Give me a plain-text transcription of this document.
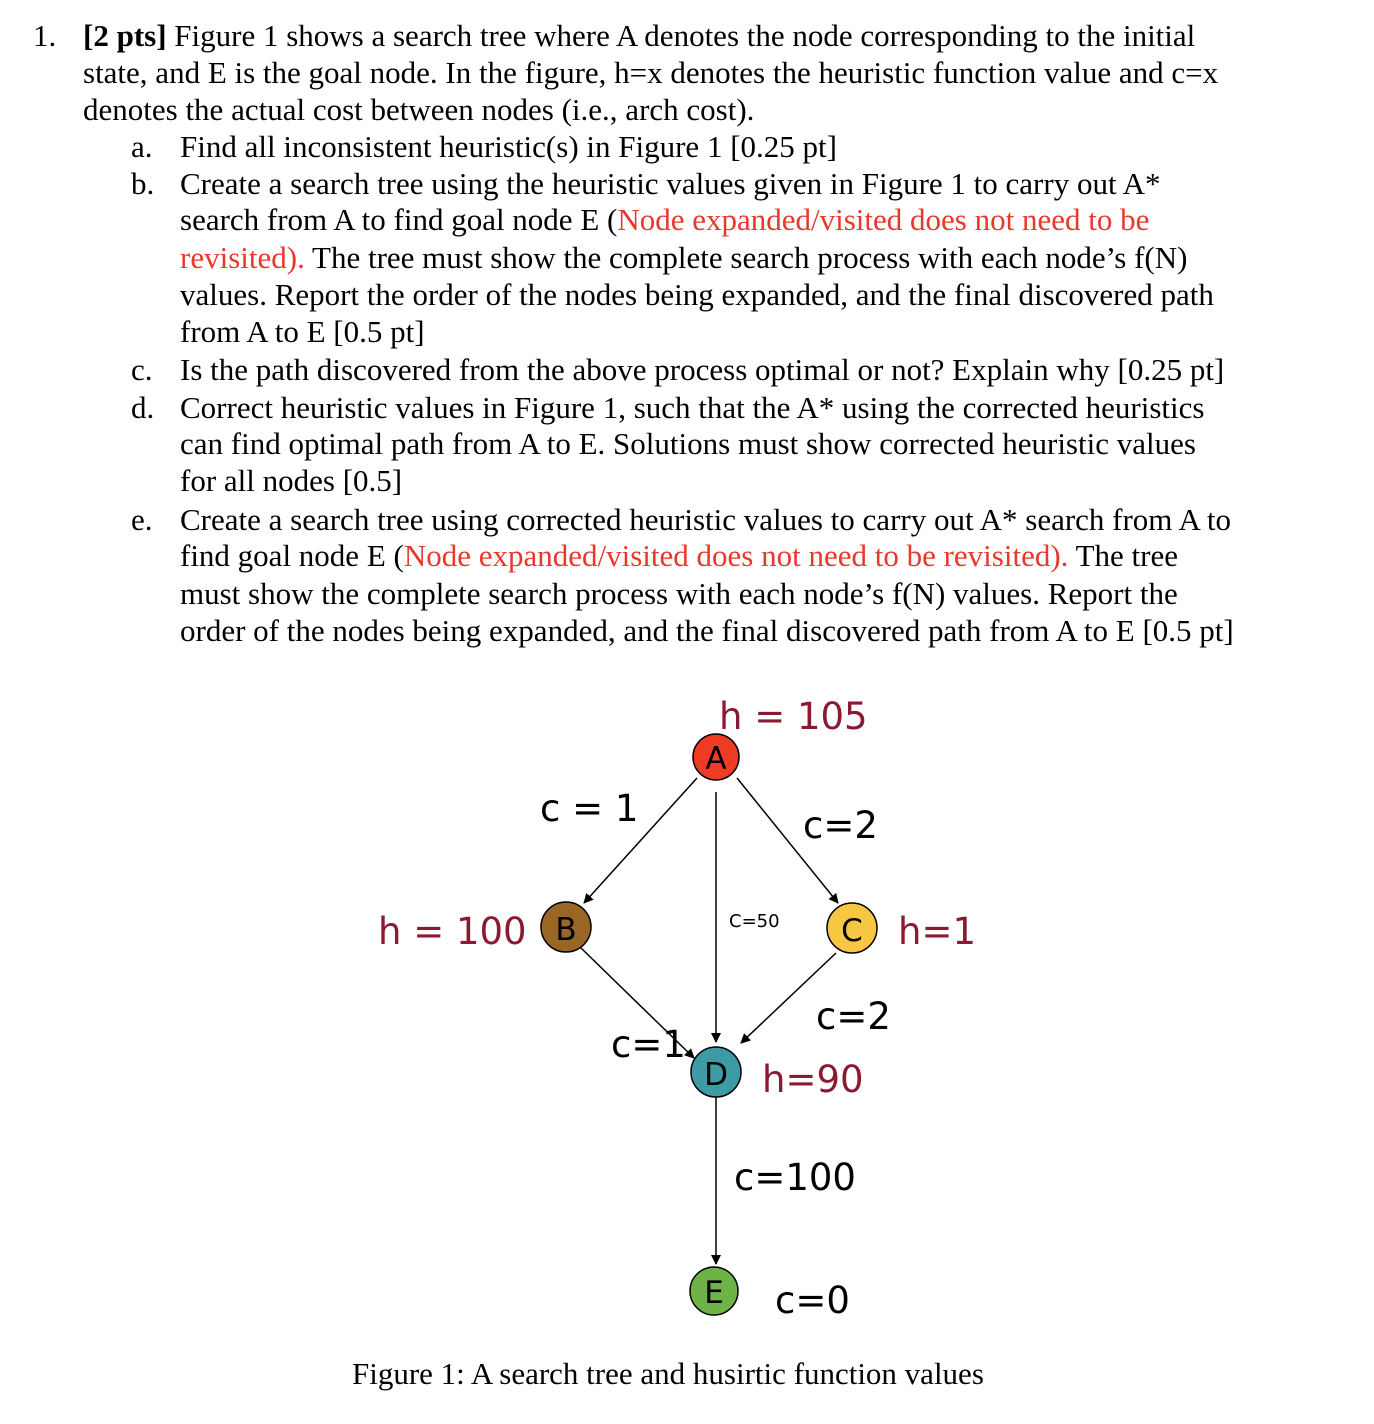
1. [2 pts] Figure 1 shows a search tree where A denotes the node corresponding to the initial
state, and E is the goal node. In the figure, h=x denotes the heuristic function value and c=x
denotes the actual cost between nodes (i.e., arch cost).
a. Find all inconsistent heuristic(s) in Figure 1 [0.25 pt]
b. Create a search tree using the heuristic values given in Figure 1 to carry out A*
search from A to find goal node E (Node expanded/visited does not need to be
revisited). The tree must show the complete search process with each node’s f(N)
values. Report the order of the nodes being expanded, and the final discovered path
from A to E [0.5 pt]
c. Is the path discovered from the above process optimal or not? Explain why [0.25 pt]
d. Correct heuristic values in Figure 1, such that the A* using the corrected heuristics
can find optimal path from A to E. Solutions must show corrected heuristic values
for all nodes [0.5]
e. Create a search tree using corrected heuristic values to carry out A* search from A to
find goal node E (Node expanded/visited does not need to be revisited). The tree
must show the complete search process with each node’s f(N) values. Report the
order of the nodes being expanded, and the final discovered path from A to E [0.5 pt]
A
B	C
D
E
h = 105
h = 100	h=1
h=90
c=0
c = 1	c=2
C=50
c=1
c=2
c=100
Figure 1: A search tree and husirtic function values
